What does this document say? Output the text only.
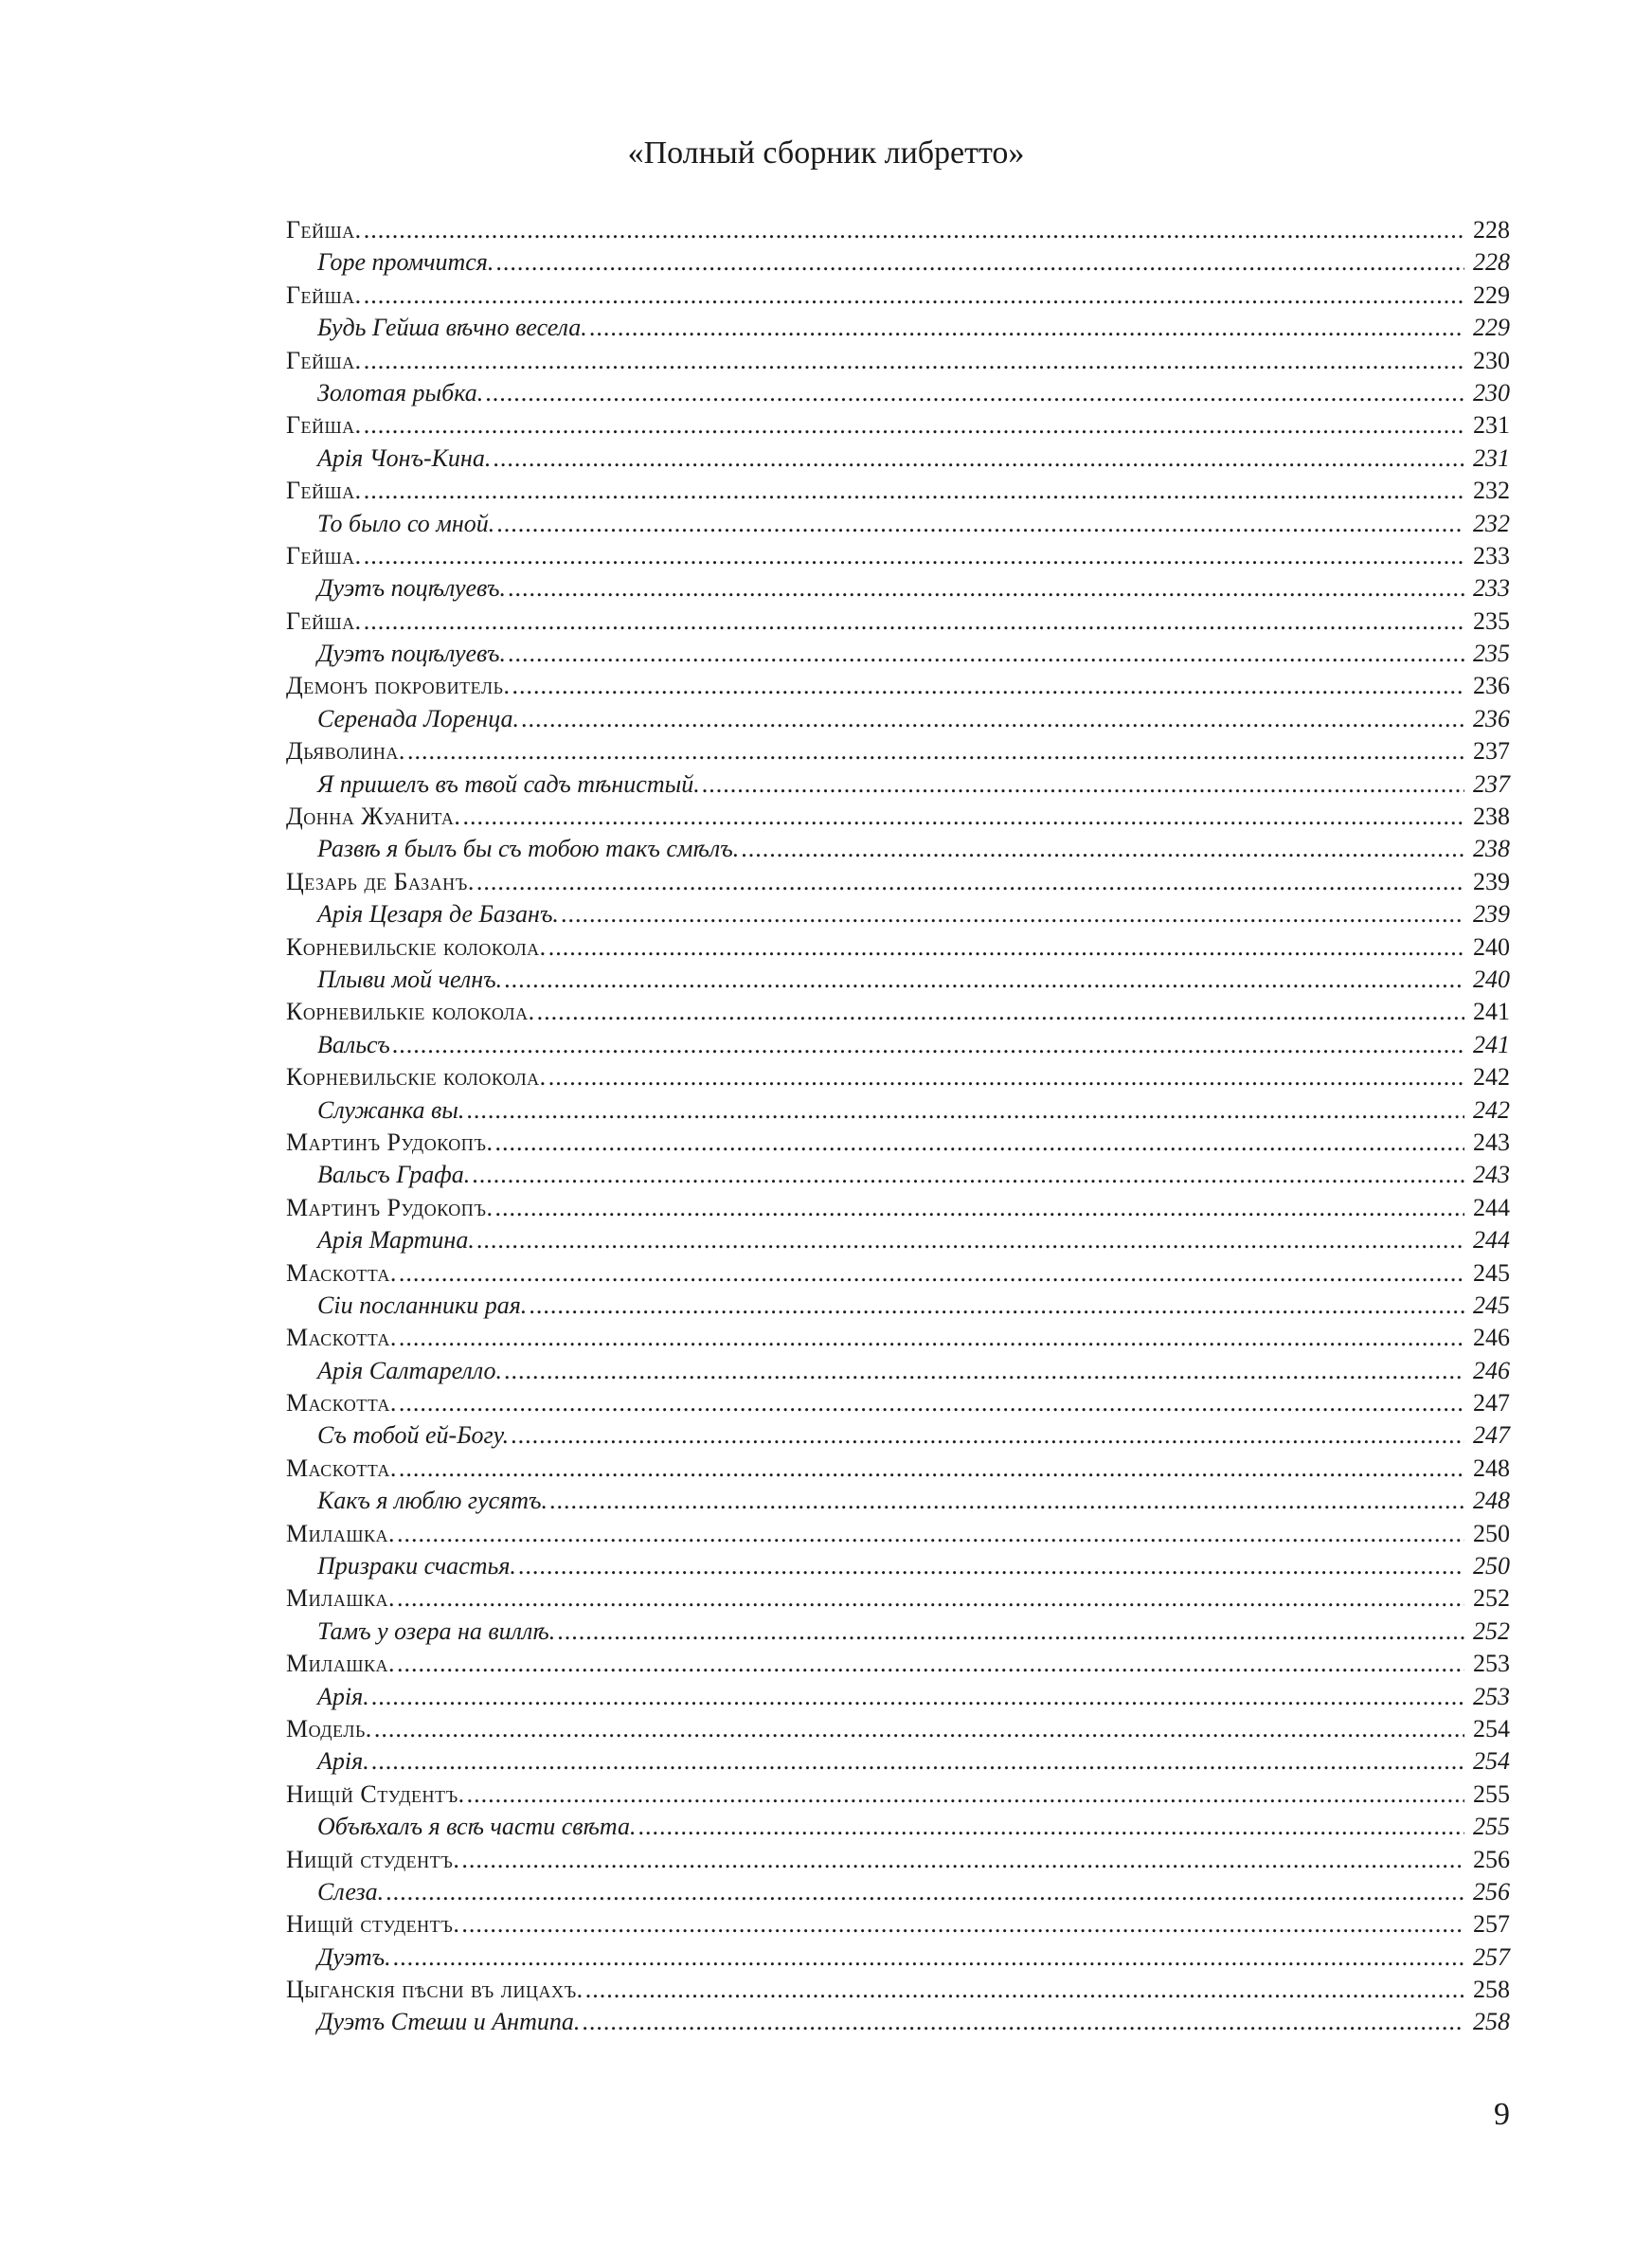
«Полный сборник либретто»
Гейша. .....	228
Горе промчится. .....	228
Гейша. .....	229
Будь Гейша вѣчно весела. .....	229
Гейша. .....	230
Золотая рыбка. .....	230
Гейша. .....	231
Арія Чонъ-Кина. .....	231
Гейша. .....	232
То было со мной. .....	232
Гейша. .....	233
Дуэтъ поцѣлуевъ. .....	233
Гейша. .....	235
Дуэтъ поцѣлуевъ. .....	235
Демонъ покровитель. .....	236
Серенада Лоренца. .....	236
Дьяволина. .....	237
Я пришелъ въ твой садъ тѣнистый. .....	237
Донна Жуанита. .....	238
Развѣ я былъ бы съ тобою такъ смѣлъ. .....	238
Цезарь де Базанъ. .....	239
Арія Цезаря де Базанъ. .....	239
Корневильскіе колокола. .....	240
Плыви мой челнъ. .....	240
Корневилькіе колокола. .....	241
Вальсъ .....	241
Корневильскіе колокола. .....	242
Служанка вы. .....	242
Мартинъ Рудокопъ. .....	243
Вальсъ Графа. .....	243
Мартинъ Рудокопъ. .....	244
Арія Мартина. .....	244
Маскотта. .....	245
Сіи посланники рая. .....	245
Маскотта. .....	246
Арія Салтарелло. .....	246
Маскотта. .....	247
Съ тобой ей-Богу. .....	247
Маскотта. .....	248
Какъ я люблю гусятъ. .....	248
Милашка. .....	250
Призраки счастья. .....	250
Милашка. .....	252
Тамъ у озера на виллѣ. .....	252
Милашка. .....	253
Арія. .....	253
Модель. .....	254
Арія. .....	254
Нищій Студентъ. .....	255
Объѣхалъ я всѣ части свѣта. .....	255
Нищій студентъ. .....	256
Слеза. .....	256
Нищій студентъ. .....	257
Дуэтъ. .....	257
Цыганскія пѣсни въ лицахъ. .....	258
Дуэтъ Стеши и Антипа. .....	258
9
